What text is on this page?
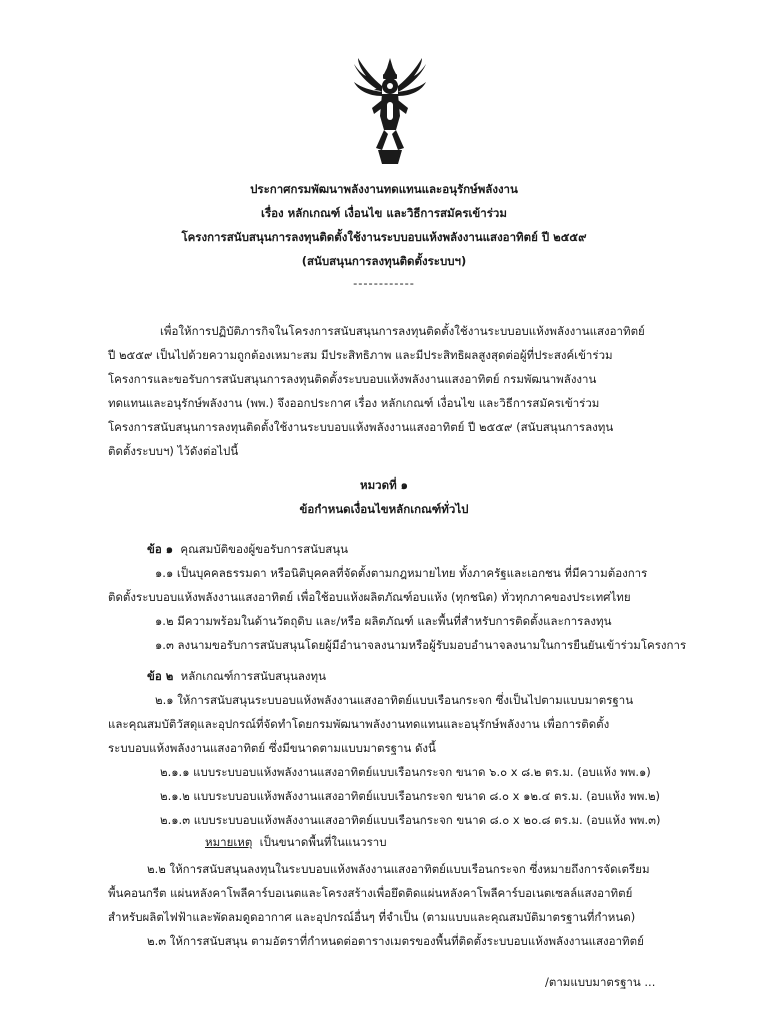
ประกาศกรมพัฒนาพลังงานทดแทนและอนุรักษ์พลังงาน
เรื่อง หลักเกณฑ์ เงื่อนไข และวิธีการสมัครเข้าร่วม
โครงการสนับสนุนการลงทุนติดตั้งใช้งานระบบอบแห้งพลังงานแสงอาทิตย์ ปี ๒๕๕๙
(สนับสนุนการลงทุนติดตั้งระบบฯ)
------------
เพื่อให้การปฏิบัติภารกิจในโครงการสนับสนุนการลงทุนติดตั้งใช้งานระบบอบแห้งพลังงานแสงอาทิตย์
ปี ๒๕๕๙ เป็นไปด้วยความถูกต้องเหมาะสม มีประสิทธิภาพ และมีประสิทธิผลสูงสุดต่อผู้ที่ประสงค์เข้าร่วม
โครงการและขอรับการสนับสนุนการลงทุนติดตั้งระบบอบแห้งพลังงานแสงอาทิตย์ กรมพัฒนาพลังงาน
ทดแทนและอนุรักษ์พลังงาน (พพ.) จึงออกประกาศ เรื่อง หลักเกณฑ์ เงื่อนไข และวิธีการสมัครเข้าร่วม
โครงการสนับสนุนการลงทุนติดตั้งใช้งานระบบอบแห้งพลังงานแสงอาทิตย์ ปี ๒๕๕๙ (สนับสนุนการลงทุน
ติดตั้งระบบฯ) ไว้ดังต่อไปนี้
หมวดที่ ๑
ข้อกำหนดเงื่อนไขหลักเกณฑ์ทั่วไป
ข้อ ๑ คุณสมบัติของผู้ขอรับการสนับสนุน
๑.๑ เป็นบุคคลธรรมดา หรือนิติบุคคลที่จัดตั้งตามกฎหมายไทย ทั้งภาครัฐและเอกชน ที่มีความต้องการ
ติดตั้งระบบอบแห้งพลังงานแสงอาทิตย์ เพื่อใช้อบแห้งผลิตภัณฑ์อบแห้ง (ทุกชนิด) ทั่วทุกภาคของประเทศไทย
๑.๒ มีความพร้อมในด้านวัตถุดิบ และ/หรือ ผลิตภัณฑ์ และพื้นที่สำหรับการติดตั้งและการลงทุน
๑.๓ ลงนามขอรับการสนับสนุนโดยผู้มีอำนาจลงนามหรือผู้รับมอบอำนาจลงนามในการยืนยันเข้าร่วมโครงการ
ข้อ ๒ หลักเกณฑ์การสนับสนุนลงทุน
๒.๑ ให้การสนับสนุนระบบอบแห้งพลังงานแสงอาทิตย์แบบเรือนกระจก ซึ่งเป็นไปตามแบบมาตรฐาน
และคุณสมบัติวัสดุและอุปกรณ์ที่จัดทำโดยกรมพัฒนาพลังงานทดแทนและอนุรักษ์พลังงาน เพื่อการติดตั้ง
ระบบอบแห้งพลังงานแสงอาทิตย์ ซึ่งมีขนาดตามแบบมาตรฐาน ดังนี้
๒.๑.๑ แบบระบบอบแห้งพลังงานแสงอาทิตย์แบบเรือนกระจก ขนาด ๖.๐ x ๘.๒ ตร.ม. (อบแห้ง พพ.๑)
๒.๑.๒ แบบระบบอบแห้งพลังงานแสงอาทิตย์แบบเรือนกระจก ขนาด ๘.๐ x ๑๒.๔ ตร.ม. (อบแห้ง พพ.๒)
๒.๑.๓ แบบระบบอบแห้งพลังงานแสงอาทิตย์แบบเรือนกระจก ขนาด ๘.๐ x ๒๐.๘ ตร.ม. (อบแห้ง พพ.๓)
หมายเหตุ เป็นขนาดพื้นที่ในแนวราบ
๒.๒ ให้การสนับสนุนลงทุนในระบบอบแห้งพลังงานแสงอาทิตย์แบบเรือนกระจก ซึ่งหมายถึงการจัดเตรียม
พื้นคอนกรีต แผ่นหลังคาโพลีคาร์บอเนตและโครงสร้างเพื่อยึดติดแผ่นหลังคาโพลีคาร์บอเนตเซลล์แสงอาทิตย์
สำหรับผลิตไฟฟ้าและพัดลมดูดอากาศ และอุปกรณ์อื่นๆ ที่จำเป็น (ตามแบบและคุณสมบัติมาตรฐานที่กำหนด)
๒.๓ ให้การสนับสนุน ตามอัตราที่กำหนดต่อตารางเมตรของพื้นที่ติดตั้งระบบอบแห้งพลังงานแสงอาทิตย์
/ตามแบบมาตรฐาน ...
